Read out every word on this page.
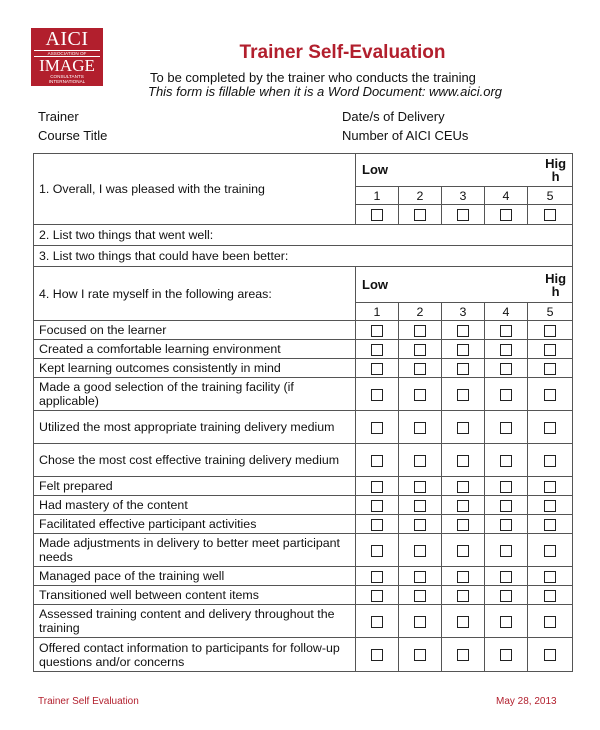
AICI
ASSOCIATION OF
IMAGE
CONSULTANTS
INTERNATIONAL
Trainer Self-Evaluation
To be completed by the trainer who conducts the training
This form is fillable when it is a Word Document: www.aici.org
Trainer
Course Title
Date/s of Delivery
Number of AICI CEUs
1. Overall, I was pleased with the training	Low Hig
h				

	1	2	3	4	5

2. List two things that went well:					
3. List two things that could have been better:					
4. How I rate myself in the following areas:	Low Hig
h				

	1	2	3	4	5
Focused on the learner					
Created a comfortable learning environment					
Kept learning outcomes consistently in mind					
Made a good selection of the training facility (if applicable)					
Utilized the most appropriate training delivery medium					
Chose the most cost effective training delivery medium					
Felt prepared					
Had mastery of the content					
Facilitated effective participant activities					
Made adjustments in delivery to better meet participant needs					
Managed pace of the training well					
Transitioned well between content items					
Assessed training content and delivery throughout the training					
Offered contact information to participants for follow-up questions and/or concerns					
Trainer Self Evaluation	May 28, 2013
